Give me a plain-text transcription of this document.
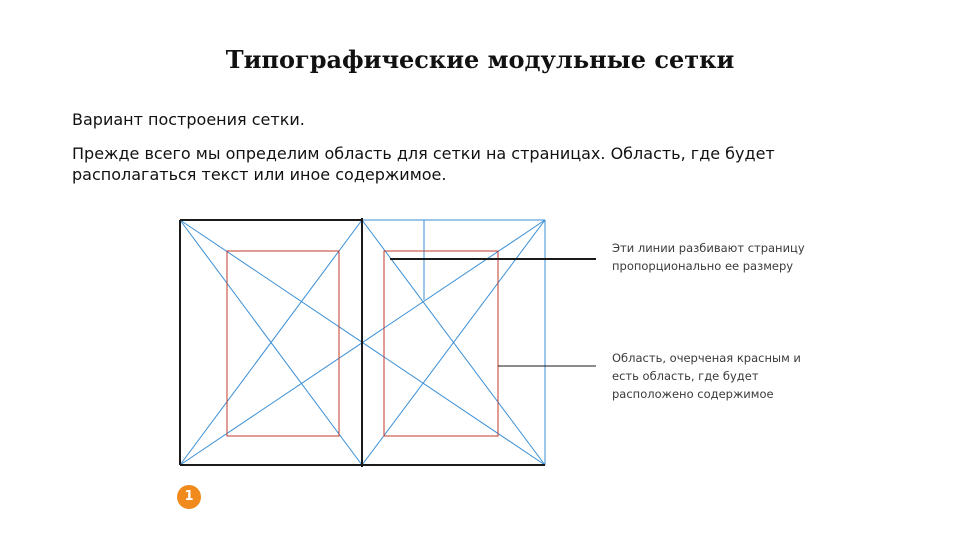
Типографические модульные сетки
Вариант построения сетки.
Прежде всего мы определим область для сетки на страницах. Область, где будет располагаться текст или иное содержимое.
Эти линии разбивают страницу пропорционально ее размеру
Область, очерченая красным и есть область, где будет расположено содержимое
1
